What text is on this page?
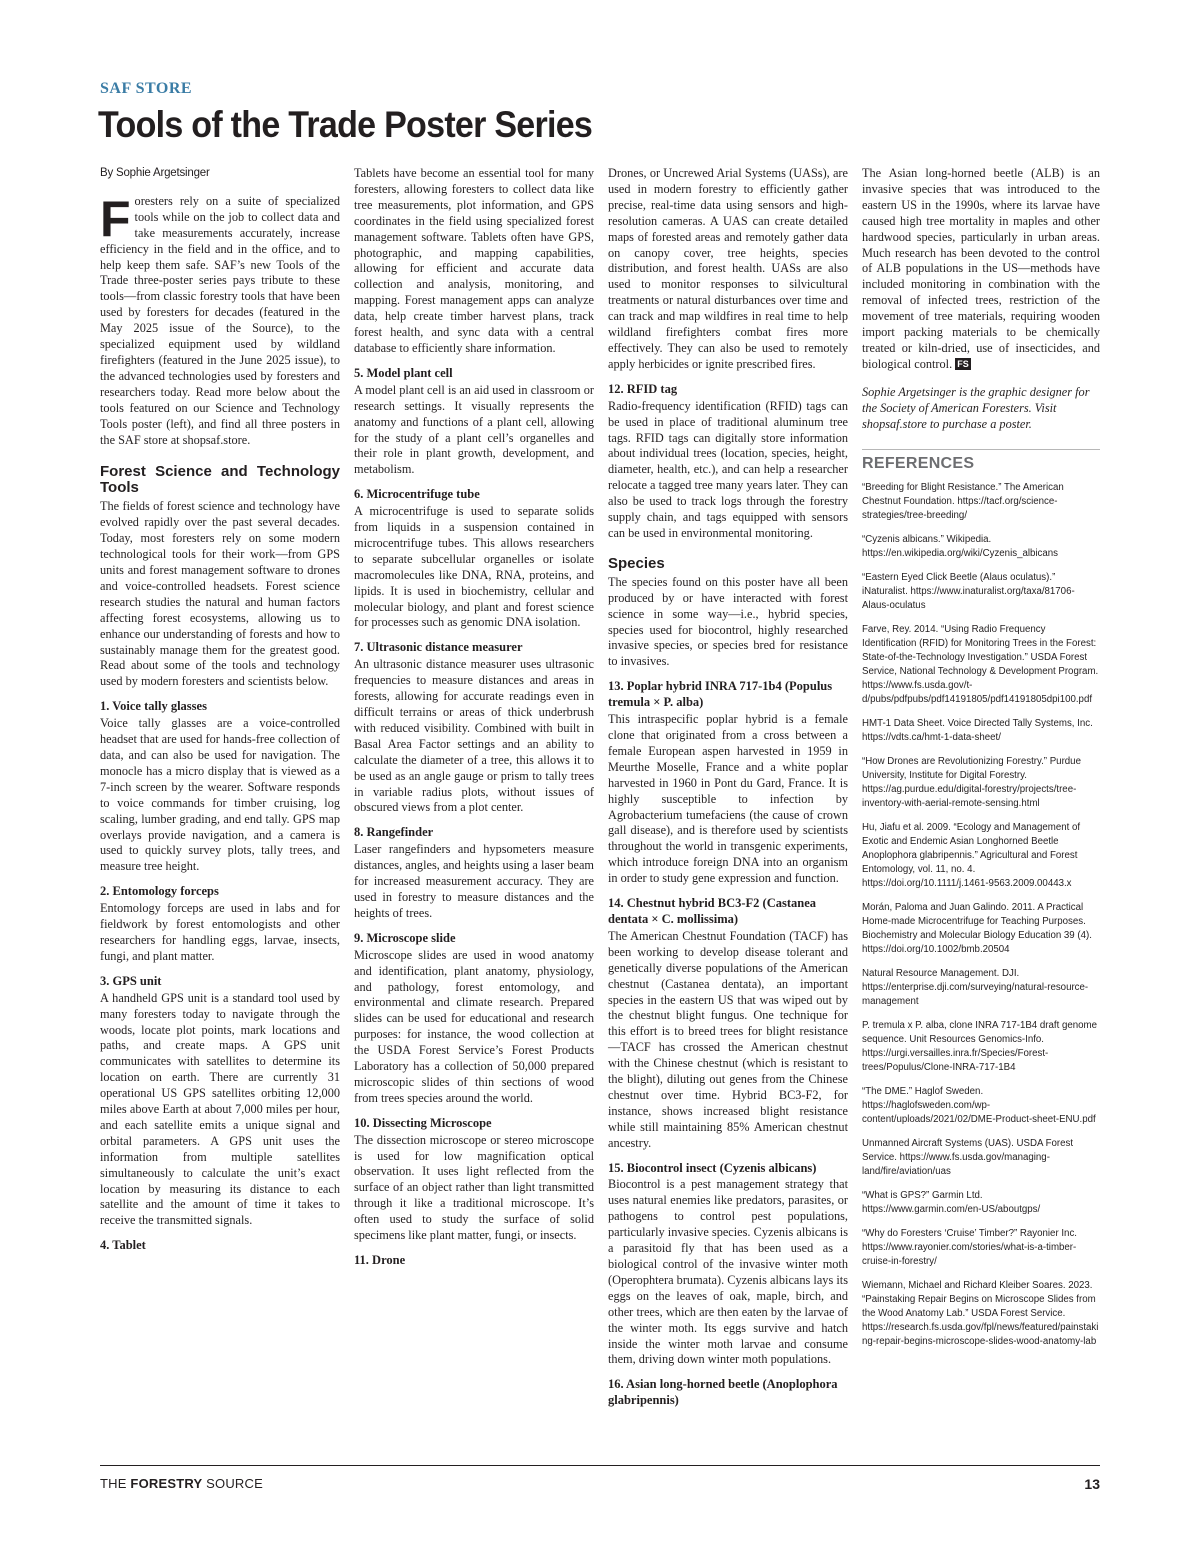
SAF STORE
Tools of the Trade Poster Series

By Sophie Argetsinger

Foresters rely on a suite of specialized tools while on the job to collect data and take measurements accurately, increase efficiency in the field and in the office, and to help keep them safe. SAF’s new Tools of the Trade three-poster series pays tribute to these tools—from classic forestry tools that have been used by foresters for decades (featured in the May 2025 issue of the Source), to the specialized equipment used by wildland firefighters (featured in the June 2025 issue), to the advanced technologies used by foresters and researchers today. Read more below about the tools featured on our Science and Technology Tools poster (left), and find all three posters in the SAF store at shopsaf.store.

Forest Science and Technology Tools

The fields of forest science and technology have evolved rapidly over the past several decades. Today, most foresters rely on some modern technological tools for their work—from GPS units and forest management software to drones and voice-controlled headsets. Forest science research studies the natural and human factors affecting forest ecosystems, allowing us to enhance our understanding of forests and how to sustainably manage them for the greatest good. Read about some of the tools and technology used by modern foresters and scientists below.

1. Voice tally glasses

Voice tally glasses are a voice-controlled headset that are used for hands-free collection of data, and can also be used for navigation. The monocle has a micro display that is viewed as a 7-inch screen by the wearer. Software responds to voice commands for timber cruising, log scaling, lumber grading, and end tally. GPS map overlays provide navigation, and a camera is used to quickly survey plots, tally trees, and measure tree height.

2. Entomology forceps

Entomology forceps are used in labs and for fieldwork by forest entomologists and other researchers for handling eggs, larvae, insects, fungi, and plant matter.

3. GPS unit

A handheld GPS unit is a standard tool used by many foresters today to navigate through the woods, locate plot points, mark locations and paths, and create maps. A GPS unit communicates with satellites to determine its location on earth. There are currently 31 operational US GPS satellites orbiting 12,000 miles above Earth at about 7,000 miles per hour, and each satellite emits a unique signal and orbital parameters. A GPS unit uses the information from multiple satellites simultaneously to calculate the unit’s exact location by measuring its distance to each satellite and the amount of time it takes to receive the transmitted signals.

4. Tablet

Tablets have become an essential tool for many foresters, allowing foresters to collect data like tree measurements, plot information, and GPS coordinates in the field using specialized forest management software. Tablets often have GPS, photographic, and mapping capabilities, allowing for efficient and accurate data collection and analysis, monitoring, and mapping. Forest management apps can analyze data, help create timber harvest plans, track forest health, and sync data with a central database to efficiently share information.

5. Model plant cell

A model plant cell is an aid used in classroom or research settings. It visually represents the anatomy and functions of a plant cell, allowing for the study of a plant cell’s organelles and their role in plant growth, development, and metabolism.

6. Microcentrifuge tube

A microcentrifuge is used to separate solids from liquids in a suspension contained in microcentrifuge tubes. This allows researchers to separate subcellular organelles or isolate macromolecules like DNA, RNA, proteins, and lipids. It is used in biochemistry, cellular and molecular biology, and plant and forest science for processes such as genomic DNA isolation.

7. Ultrasonic distance measurer

An ultrasonic distance measurer uses ultrasonic frequencies to measure distances and areas in forests, allowing for accurate readings even in difficult terrains or areas of thick underbrush with reduced visibility. Combined with built in Basal Area Factor settings and an ability to calculate the diameter of a tree, this allows it to be used as an angle gauge or prism to tally trees in variable radius plots, without issues of obscured views from a plot center.

8. Rangefinder

Laser rangefinders and hypsometers measure distances, angles, and heights using a laser beam for increased measurement accuracy. They are used in forestry to measure distances and the heights of trees.

9. Microscope slide

Microscope slides are used in wood anatomy and identification, plant anatomy, physiology, and pathology, forest entomology, and environmental and climate research. Prepared slides can be used for educational and research purposes: for instance, the wood collection at the USDA Forest Service’s Forest Products Laboratory has a collection of 50,000 prepared microscopic slides of thin sections of wood from trees species around the world.

10. Dissecting Microscope

The dissection microscope or stereo microscope is used for low magnification optical observation. It uses light reflected from the surface of an object rather than light transmitted through it like a traditional microscope. It’s often used to study the surface of solid specimens like plant matter, fungi, or insects.

11. Drone

Drones, or Uncrewed Arial Systems (UASs), are used in modern forestry to efficiently gather precise, real-time data using sensors and high-resolution cameras. A UAS can create detailed maps of forested areas and remotely gather data on canopy cover, tree heights, species distribution, and forest health. UASs are also used to monitor responses to silvicultural treatments or natural disturbances over time and can track and map wildfires in real time to help wildland firefighters combat fires more effectively. They can also be used to remotely apply herbicides or ignite prescribed fires.

12. RFID tag

Radio-frequency identification (RFID) tags can be used in place of traditional aluminum tree tags. RFID tags can digitally store information about individual trees (location, species, height, diameter, health, etc.), and can help a researcher relocate a tagged tree many years later. They can also be used to track logs through the forestry supply chain, and tags equipped with sensors can be used in environmental monitoring.

Species

The species found on this poster have all been produced by or have interacted with forest science in some way—i.e., hybrid species, species used for biocontrol, highly researched invasive species, or species bred for resistance to invasives.

13. Poplar hybrid INRA 717-1b4 (Populus tremula × P. alba)

This intraspecific poplar hybrid is a female clone that originated from a cross between a female European aspen harvested in 1959 in Meurthe Moselle, France and a white poplar harvested in 1960 in Pont du Gard, France. It is highly susceptible to infection by Agrobacterium tumefaciens (the cause of crown gall disease), and is therefore used by scientists throughout the world in transgenic experiments, which introduce foreign DNA into an organism in order to study gene expression and function.

14. Chestnut hybrid BC3-F2 (Castanea dentata × C. mollissima)

The American Chestnut Foundation (TACF) has been working to develop disease tolerant and genetically diverse populations of the American chestnut (Castanea dentata), an important species in the eastern US that was wiped out by the chestnut blight fungus. One technique for this effort is to breed trees for blight resistance—TACF has crossed the American chestnut with the Chinese chestnut (which is resistant to the blight), diluting out genes from the Chinese chestnut over time. Hybrid BC3-F2, for instance, shows increased blight resistance while still maintaining 85% American chestnut ancestry.

15. Biocontrol insect (Cyzenis albicans)

Biocontrol is a pest management strategy that uses natural enemies like predators, parasites, or pathogens to control pest populations, particularly invasive species. Cyzenis albicans is a parasitoid fly that has been used as a biological control of the invasive winter moth (Operophtera brumata). Cyzenis albicans lays its eggs on the leaves of oak, maple, birch, and other trees, which are then eaten by the larvae of the winter moth. Its eggs survive and hatch inside the winter moth larvae and consume them, driving down winter moth populations.

16. Asian long-horned beetle (Anoplophora glabripennis)

The Asian long-horned beetle (ALB) is an invasive species that was introduced to the eastern US in the 1990s, where its larvae have caused high tree mortality in maples and other hardwood species, particularly in urban areas. Much research has been devoted to the control of ALB populations in the US—methods have included monitoring in combination with the removal of infected trees, restriction of the movement of tree materials, requiring wooden import packing materials to be chemically treated or kiln-dried, use of insecticides, and biological control. FS

Sophie Argetsinger is the graphic designer for the Society of American Foresters. Visit shopsaf.store to purchase a poster.

REFERENCES

“Breeding for Blight Resistance.” The American Chestnut Foundation. https://tacf.org/science-strategies/tree-breeding/

“Cyzenis albicans.” Wikipedia. https://en.wikipedia.org/wiki/Cyzenis_albicans

“Eastern Eyed Click Beetle (Alaus oculatus).” iNaturalist. https://www.inaturalist.org/taxa/81706-Alaus-oculatus

Farve, Rey. 2014. “Using Radio Frequency Identification (RFID) for Monitoring Trees in the Forest: State-of-the-Technology Investigation.” USDA Forest Service, National Technology & Development Program. https://www.fs.usda.gov/t-d/pubs/pdfpubs/pdf14191805/pdf14191805dpi100.pdf

HMT-1 Data Sheet. Voice Directed Tally Systems, Inc. https://vdts.ca/hmt-1-data-sheet/

“How Drones are Revolutionizing Forestry.” Purdue University, Institute for Digital Forestry. https://ag.purdue.edu/digital-forestry/projects/tree-inventory-with-aerial-remote-sensing.html

Hu, Jiafu et al. 2009. “Ecology and Management of Exotic and Endemic Asian Longhorned Beetle Anoplophora glabripennis.” Agricultural and Forest Entomology, vol. 11, no. 4. https://doi.org/10.1111/j.1461-9563.2009.00443.x

Morán, Paloma and Juan Galindo. 2011. A Practical Home-made Microcentrifuge for Teaching Purposes. Biochemistry and Molecular Biology Education 39 (4). https://doi.org/10.1002/bmb.20504

Natural Resource Management. DJI. https://enterprise.dji.com/surveying/natural-resource-management

P. tremula x P. alba, clone INRA 717-1B4 draft genome sequence. Unit Resources Genomics-Info. https://urgi.versailles.inra.fr/Species/Forest-trees/Populus/Clone-INRA-717-1B4

“The DME.” Haglof Sweden. https://haglofsweden.com/wp-content/uploads/2021/02/DME-Product-sheet-ENU.pdf

Unmanned Aircraft Systems (UAS). USDA Forest Service. https://www.fs.usda.gov/managing-land/fire/aviation/uas

“What is GPS?” Garmin Ltd. https://www.garmin.com/en-US/aboutgps/

“Why do Foresters ‘Cruise’ Timber?” Rayonier Inc. https://www.rayonier.com/stories/what-is-a-timber-cruise-in-forestry/

Wiemann, Michael and Richard Kleiber Soares. 2023. “Painstaking Repair Begins on Microscope Slides from the Wood Anatomy Lab.” USDA Forest Service. https://research.fs.usda.gov/fpl/news/featured/painstaking-repair-begins-microscope-slides-wood-anatomy-lab

THE FORESTRY SOURCE	13
